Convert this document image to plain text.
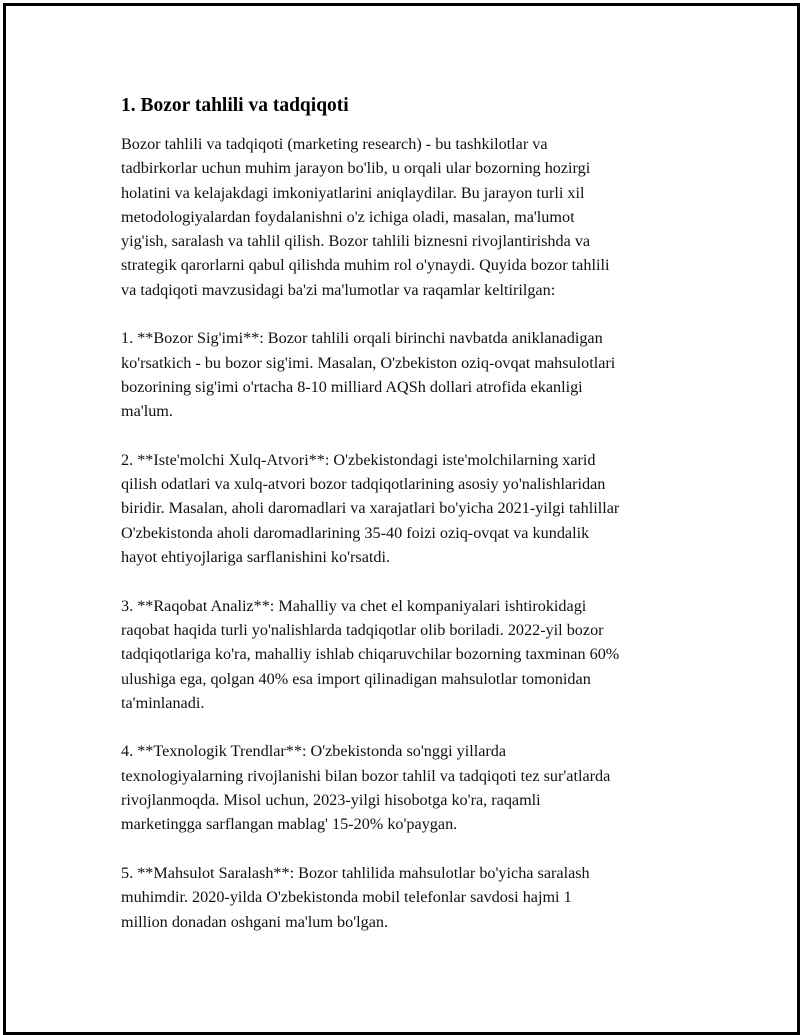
1. Bozor tahlili va tadqiqoti

Bozor tahlili va tadqiqoti (marketing research) - bu tashkilotlar va
tadbirkorlar uchun muhim jarayon bo'lib, u orqali ular bozorning hozirgi
holatini va kelajakdagi imkoniyatlarini aniqlaydilar. Bu jarayon turli xil
metodologiyalardan foydalanishni o'z ichiga oladi, masalan, ma'lumot
yig'ish, saralash va tahlil qilish. Bozor tahlili biznesni rivojlantirishda va
strategik qarorlarni qabul qilishda muhim rol o'ynaydi. Quyida bozor tahlili
va tadqiqoti mavzusidagi ba'zi ma'lumotlar va raqamlar keltirilgan:

1. **Bozor Sig'imi**: Bozor tahlili orqali birinchi navbatda aniklanadigan
ko'rsatkich - bu bozor sig'imi. Masalan, O'zbekiston oziq-ovqat mahsulotlari
bozorining sig'imi o'rtacha 8-10 milliard AQSh dollari atrofida ekanligi
ma'lum.

2. **Iste'molchi Xulq-Atvori**: O'zbekistondagi iste'molchilarning xarid
qilish odatlari va xulq-atvori bozor tadqiqotlarining asosiy yo'nalishlaridan
biridir. Masalan, aholi daromadlari va xarajatlari bo'yicha 2021-yilgi tahlillar
O'zbekistonda aholi daromadlarining 35-40 foizi oziq-ovqat va kundalik
hayot ehtiyojlariga sarflanishini ko'rsatdi.

3. **Raqobat Analiz**: Mahalliy va chet el kompaniyalari ishtirokidagi
raqobat haqida turli yo'nalishlarda tadqiqotlar olib boriladi. 2022-yil bozor
tadqiqotlariga ko'ra, mahalliy ishlab chiqaruvchilar bozorning taxminan 60%
ulushiga ega, qolgan 40% esa import qilinadigan mahsulotlar tomonidan
ta'minlanadi.

4. **Texnologik Trendlar**: O'zbekistonda so'nggi yillarda
texnologiyalarning rivojlanishi bilan bozor tahlil va tadqiqoti tez sur'atlarda
rivojlanmoqda. Misol uchun, 2023-yilgi hisobotga ko'ra, raqamli
marketingga sarflangan mablag' 15-20% ko'paygan.

5. **Mahsulot Saralash**: Bozor tahlilida mahsulotlar bo'yicha saralash
muhimdir. 2020-yilda O'zbekistonda mobil telefonlar savdosi hajmi 1
million donadan oshgani ma'lum bo'lgan.
